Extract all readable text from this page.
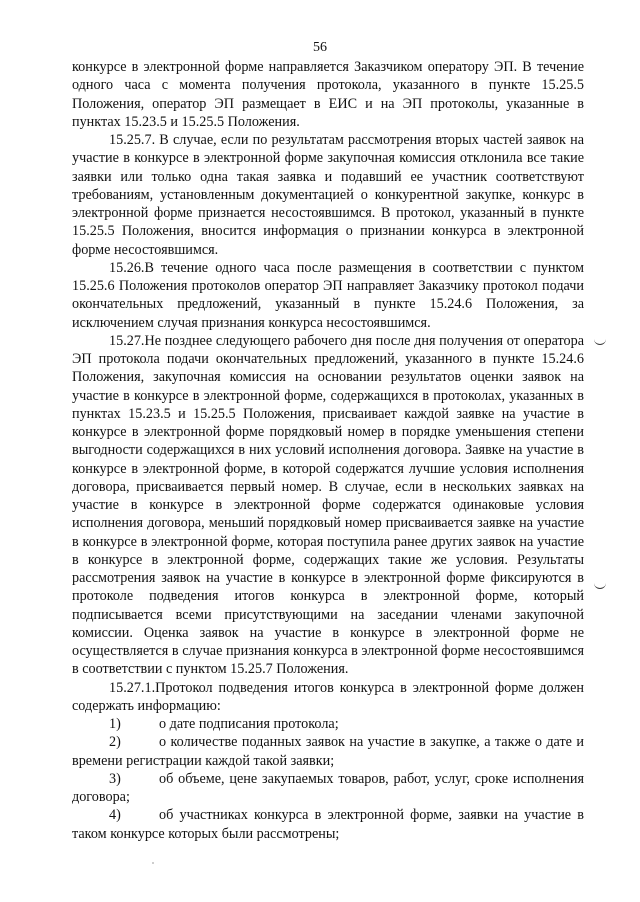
56

конкурсе в электронной форме направляется Заказчиком оператору ЭП. В течение одного часа с момента получения протокола, указанного в пункте 15.25.5 Положения, оператор ЭП размещает в ЕИС и на ЭП протоколы, указанные в пунктах 15.23.5 и 15.25.5 Положения.

15.25.7. В случае, если по результатам рассмотрения вторых частей заявок на участие в конкурсе в электронной форме закупочная комиссия отклонила все такие заявки или только одна такая заявка и подавший ее участник соответствуют требованиям, установленным документацией о конкурентной закупке, конкурс в электронной форме признается несостоявшимся. В протокол, указанный в пункте 15.25.5 Положения, вносится информация о признании конкурса в электронной форме несостоявшимся.

15.26.В течение одного часа после размещения в соответствии с пунктом 15.25.6 Положения протоколов оператор ЭП направляет Заказчику протокол подачи окончательных предложений, указанный в пункте 15.24.6 Положения, за исключением случая признания конкурса несостоявшимся.

15.27.Не позднее следующего рабочего дня после дня получения от оператора ЭП протокола подачи окончательных предложений, указанного в пункте 15.24.6 Положения, закупочная комиссия на основании результатов оценки заявок на участие в конкурсе в электронной форме, содержащихся в протоколах, указанных в пунктах 15.23.5 и 15.25.5 Положения, присваивает каждой заявке на участие в конкурсе в электронной форме порядковый номер в порядке уменьшения степени выгодности содержащихся в них условий исполнения договора. Заявке на участие в конкурсе в электронной форме, в которой содержатся лучшие условия исполнения договора, присваивается первый номер. В случае, если в нескольких заявках на участие в конкурсе в электронной форме содержатся одинаковые условия исполнения договора, меньший порядковый номер присваивается заявке на участие в конкурсе в электронной форме, которая поступила ранее других заявок на участие в конкурсе в электронной форме, содержащих такие же условия. Результаты рассмотрения заявок на участие в конкурсе в электронной форме фиксируются в протоколе подведения итогов конкурса в электронной форме, который подписывается всеми присутствующими на заседании членами закупочной комиссии. Оценка заявок на участие в конкурсе в электронной форме не осуществляется в случае признания конкурса в электронной форме несостоявшимся в соответствии с пунктом 15.25.7 Положения.

15.27.1.Протокол подведения итогов конкурса в электронной форме должен содержать информацию:

1)	о дате подписания протокола;

2)	о количестве поданных заявок на участие в закупке, а также о дате и времени регистрации каждой такой заявки;

3)	об объеме, цене закупаемых товаров, работ, услуг, сроке исполнения договора;

4)	об участниках конкурса в электронной форме, заявки на участие в таком конкурсе которых были рассмотрены;
